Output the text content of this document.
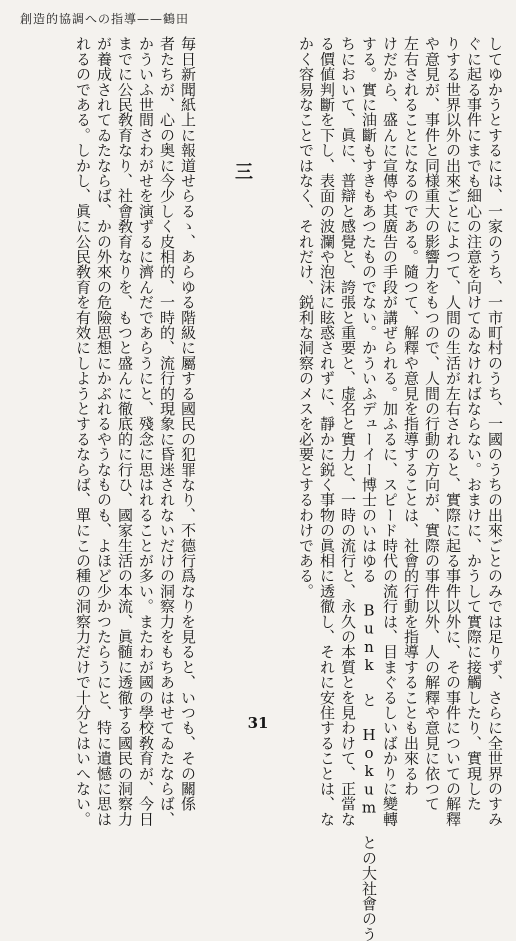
創造的協調への指導——鶴田
してゆかうとするには、一家のうち、一市町村のうち、一國のうちの出來ごとのみでは足りず、さらに全世界のすみ
ぐに起る事件にまでも細心の注意を向けてゐなければならない。おまけに、かうして實際に接觸したり、實現した
りする世界以外の出來ごとによつて、人間の生活が左右されると、實際に起る事件以外に、その事件についての解釋
や意見が、事件と同様重大の影響力をもつので、人間の行動の方向が、實際の事件以外、人の解釋や意見に依つて
左右されることになるのである。隨つて、解釋や意見を指導することは、社會的行動を指導することも出來るわ
けだから、盛んに宣傳や其廣告の手段が講ぜられる。加ふるに、スピード時代の流行は、目まぐるしいばかりに變轉
する。實に油斷もすきもあつたものでない。かういふデューイー博士のいはゆる Bunk と Hokum との大社會のう
ちにおいて、眞に、普辯と感覺と、誇張と重要と、虚名と實力と、一時の流行と、永久の本質とを見わけて、正當な
る價値判斷を下し、表面の波瀾や泡沫に眩惑されずに、靜かに鋭く事物の眞相に透徹し、それに安住することは、な
かく容易なことではなく、それだけ、鋭利な洞察のメスを必要とするわけである。
三
毎日新聞紙上に報道せらるゝ、あらゆる階級に屬する國民の犯罪なり、不德行爲なりを見ると、いつも、その關係
者たちが、心の奥に今少しく皮相的、一時的、流行的現象に昏迷されないだけの洞察力をもちあはせてゐたならば、
かういふ世間さわがせを演ずるに濟んだであらうにと、殘念に思はれることが多い。またわが國の學校敎育が、今日
までに公民敎育なり、社會敎育なりを、もつと盛んに徹底的に行ひ、國家生活の本流、眞髄に透徹する國民の洞察力
が養成されてゐたならば、かの外來の危險思想にかぶれるやうなものも、よほど少かつたらうにと、特に遺憾に思は
れるのである。しかし、眞に公民敎育を有效にしようとするならば、單にこの種の洞察力だけで十分とはいへない。	31
